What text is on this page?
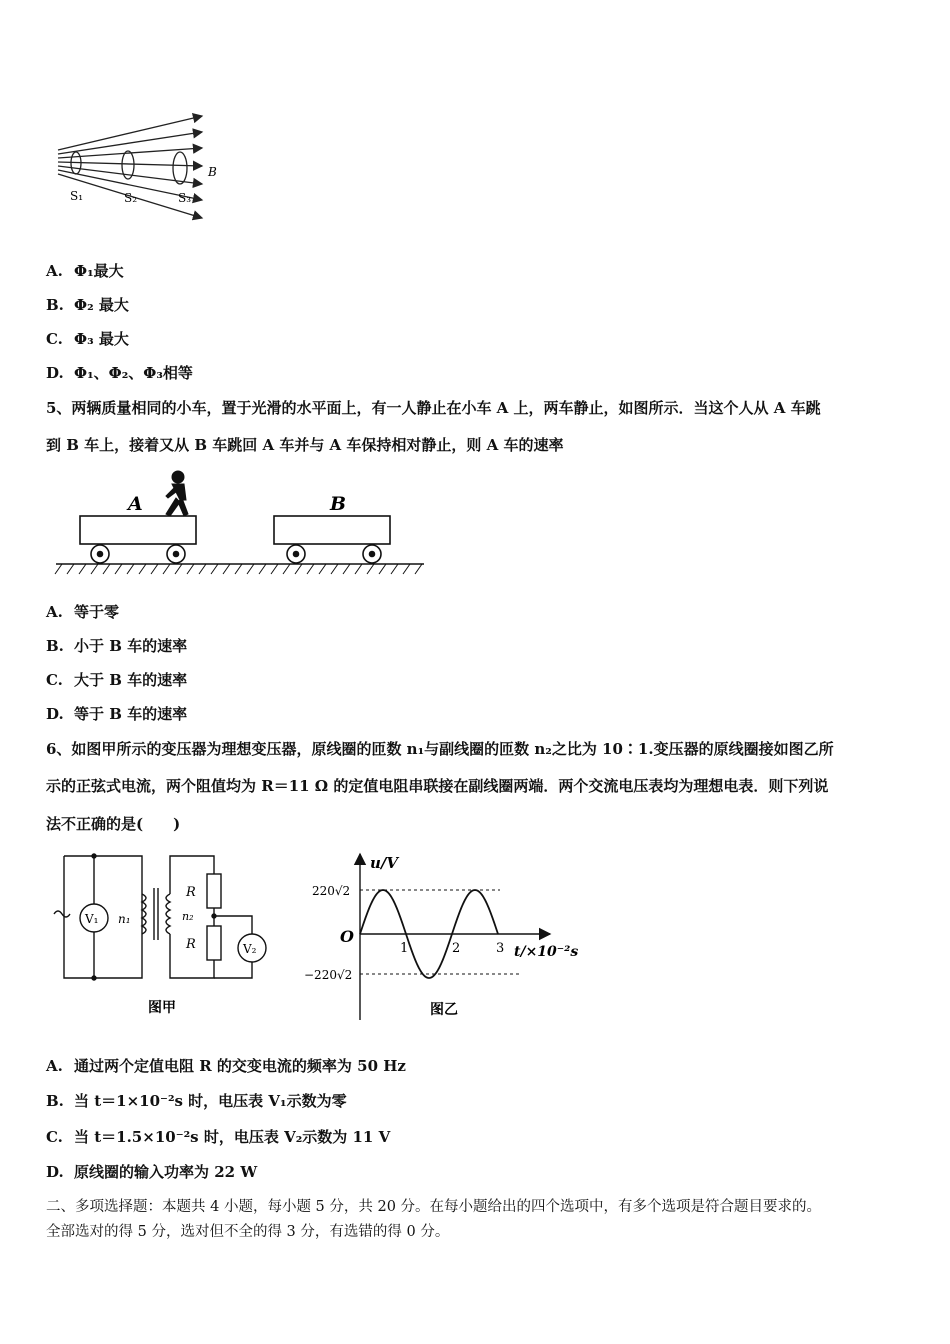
B
S₁	S₂	S₃
A. Φ₁最大
B. Φ₂ 最大
C. Φ₃ 最大
D. Φ₁、Φ₂、Φ₃相等
5、两辆质量相同的小车，置于光滑的水平面上，有一人静止在小车 A 上，两车静止，如图所示．当这个人从 A 车跳
到 B 车上，接着又从 B 车跳回 A 车并与 A 车保持相对静止，则 A 车的速率
A	B
A. 等于零
B. 小于 B 车的速率
C. 大于 B 车的速率
D. 等于 B 车的速率
6、如图甲所示的变压器为理想变压器，原线圈的匝数 n₁与副线圈的匝数 n₂之比为 10∶1.变压器的原线圈接如图乙所
示的正弦式电流，两个阻值均为 R＝11 Ω 的定值电阻串联接在副线圈两端．两个交流电压表均为理想电表．则下列说
法不正确的是(　　)
V₁ n₁	n₂
R
R	V₂
图甲
u/V
t/×10⁻²s
O
220√2
−220√2
1	2	3
图乙
A. 通过两个定值电阻 R 的交变电流的频率为 50 Hz
B. 当 t＝1×10⁻²s 时，电压表 V₁示数为零
C. 当 t＝1.5×10⁻²s 时，电压表 V₂示数为 11 V
D. 原线圈的输入功率为 22 W
二、多项选择题：本题共 4 小题，每小题 5 分，共 20 分。在每小题给出的四个选项中，有多个选项是符合题目要求的。
全部选对的得 5 分，选对但不全的得 3 分，有选错的得 0 分。
